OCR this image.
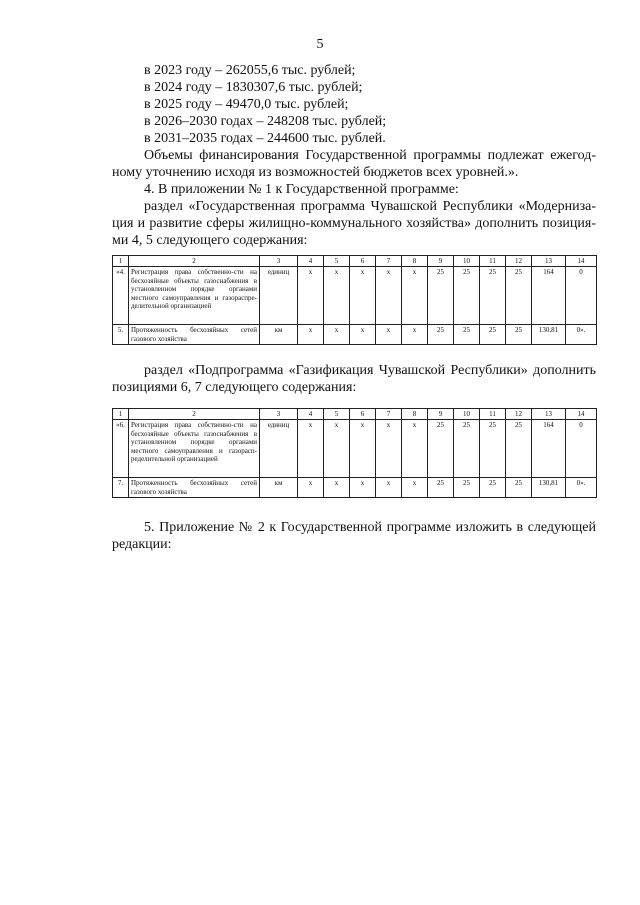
5
в 2023 году – 262055,6 тыс. рублей;
в 2024 году – 1830307,6 тыс. рублей;
в 2025 году – 49470,0 тыс. рублей;
в 2026–2030 годах – 248208 тыс. рублей;
в 2031–2035 годах – 244600 тыс. рублей.
Объемы финансирования Государственной программы подлежат ежегод-
ному уточнению исходя из возможностей бюджетов всех уровней.».
4. В приложении № 1 к Государственной программе:
раздел «Государственная программа Чувашской Республики «Модерниза-
ция и развитие сферы жилищно-коммунального хозяйства» дополнить позиция-
ми 4, 5 следующего содержания:
1	2	3	4	5	6	7	8	9	10	11	12	13	14
«4.	Регистрация права собственно-сти на бесхозяйные объекты газоснабжения в установленном порядке органами местного самоуправления и газораспре-делительной организацией	единиц	х	х	х	х	х	25	25	25	25	164	0
5.	Протяженность бесхозяйных сетей газового хозяйства	км	х	х	х	х	х	25	25	25	25	130,81	0».
раздел «Подпрограмма «Газификация Чувашской Республики» дополнить
позициями 6, 7 следующего содержания:
1	2	3	4	5	6	7	8	9	10	11	12	13	14
«6.	Регистрация права собственно-сти на бесхозяйные объекты газоснабжения в установленном порядке органами местного самоуправления и газорасп-ределительной организацией	единиц	х	х	х	х	х	25	25	25	25	164	0
7.	Протяженность бесхозяйных сетей газового хозяйства	км	х	х	х	х	х	25	25	25	25	130,81	0».
5. Приложение № 2 к Государственной программе изложить в следующей
редакции:
